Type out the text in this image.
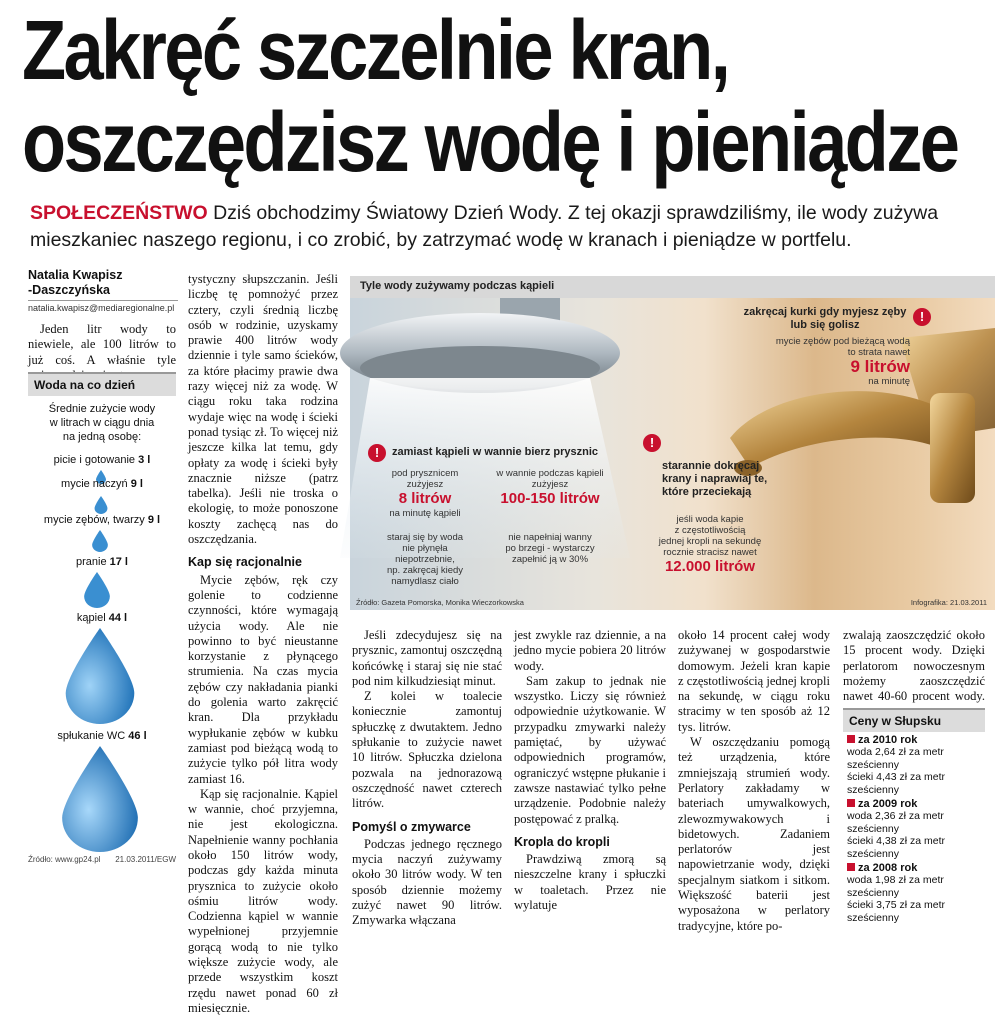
Zakręć szczelnie kran,
oszczędzisz wodę i pieniądze
SPOŁECZEŃSTWO Dziś obchodzimy Światowy Dzień Wody. Z tej okazji sprawdziliśmy, ile wody zużywa mieszkaniec naszego regionu, i co zrobić, by zatrzymać wodę w kranach i pieniądze w portfelu.
Natalia Kwapisz
-Daszczyńska
natalia.kwapisz@mediaregionalne.pl

Jeden litr wody to niewiele, ale 100 litrów to już coś. A właśnie tyle

Woda na co dzień
Średnie zużycie wody
w litrach w ciągu dnia
na jedną osobę:
picie i gotowanie 3 l
mycie naczyń 9 l
mycie zębów, twarzy 9 l
pranie 17 l
kąpiel 44 l
spłukanie WC 46 l
Źródło: www.gp24.pl 21.03.2011/EGW

tystyczny słupszczanin. Jeśli liczbę tę pomnożyć przez cztery, czyli średnią liczbę osób w rodzinie, uzyskamy prawie 400 litrów wody dziennie i tyle samo ścieków, za które płacimy prawie dwa razy więcej niż za wodę. W ciągu roku taka rodzina wydaje więc na wodę i ścieki ponad tysiąc zł. To więcej niż jeszcze kilka lat temu, gdy opłaty za wodę i ścieki były znacznie niższe (patrz tabelka). Jeśli nie troska o ekologię, to może ponoszone koszty zachęcą nas do oszczędzania.

Kap się racjonalnie

Mycie zębów, ręk czy golenie to codzienne czynności, które wymagają użycia wody. Ale nie powinno to być nieustanne korzystanie z płynącego strumienia. Na czas mycia zębów czy nakładania pianki do golenia warto zakręcić kran. Dla przykładu wypłukanie zębów w kubku zamiast pod bieżącą wodą to zużycie tylko pół litra wody zamiast 16.

Kąp się racjonalnie. Kąpiel w wannie, choć przyjemna, nie jest ekologiczna. Napełnienie wanny pochłania około 150 litrów wody, podczas gdy każda minuta prysznica to zużycie około ośmiu litrów wody. Codzienna kąpiel w wannie wypełnionej przyjemnie gorącą wodą to nie tylko większe zużycie wody, ale przede wszystkim koszt rzędu nawet ponad 60 zł miesięcznie.

Tyle wody zużywamy podczas kąpieli
!	zamiast kąpieli w wannie bierz prysznic
pod prysznicem
zużyjesz
8 litrów
na minutę kąpieli
w wannie podczas kąpieli
zużyjesz
100-150 litrów
staraj się by woda
nie płynęła
niepotrzebnie,
np. zakręcaj kiedy
namydlasz ciało
nie napełniaj wanny
po brzegi - wystarczy
zapełnić ją w 30%
!
zakręcaj kurki gdy myjesz zęby
lub się golisz
mycie zębów pod bieżącą wodą
to strata nawet
9 litrów
na minutę
!
starannie dokręcaj
krany i naprawiaj te,
które przeciekają
jeśli woda kapie
z częstotliwością
jednej kropli na sekundę
rocznie stracisz nawet
12.000 litrów
Źródło: Gazeta Pomorska, Monika Wieczorkowska	Infografika: 21.03.2011

Jeśli zdecydujesz się na prysznic, zamontuj oszczędną końcówkę i staraj się nie stać pod nim kilkudziesiąt minut.

Z kolei w toalecie koniecznie zamontuj spłuczkę z dwutaktem. Jedno spłukanie to zużycie nawet 10 litrów. Spłuczka dzielona pozwala na jednorazową oszczędność nawet czterech litrów.

Pomyśl o zmywarce

Podczas jednego ręcznego mycia naczyń zużywamy około 30 litrów wody. W ten sposób dziennie możemy zużyć nawet 90 litrów. Zmywarka włączana

jest zwykle raz dziennie, a na jedno mycie pobiera 20 litrów wody.

Sam zakup to jednak nie wszystko. Liczy się również odpowiednie użytkowanie. W przypadku zmywarki należy pamiętać, by używać odpowiednich programów, ograniczyć wstępne płukanie i zawsze nastawiać tylko pełne urządzenie. Podobnie należy postępować z pralką.

Kropla do kropli

Prawdziwą zmorą są nieszczelne krany i spłuczki w toaletach. Przez nie wylatuje

około 14 procent całej wody zużywanej w gospodarstwie domowym. Jeżeli kran kapie z częstotliwością jednej kropli na sekundę, w ciągu roku stracimy w ten sposób aż 12 tys. litrów.

W oszczędzaniu pomogą też urządzenia, które zmniejszają strumień wody. Perlatory zakładamy w bateriach umywalkowych, zlewozmywakowych i bidetowych. Zadaniem perlatorów jest napowietrzanie wody, dzięki specjalnym siatkom i sitkom. Większość baterii jest wyposażona w perlatory tradycyjne, które po-

zwalają zaoszczędzić około 15 procent wody. Dzięki perlatorom nowoczesnym możemy zaoszczędzić nawet 40-60 procent wody.

Ceny w Słupsku
za 2010 rok
woda 2,64 zł za metr sześcienny
ścieki 4,43 zł za metr sześcienny
za 2009 rok
woda 2,36 zł za metr sześcienny
ścieki 4,38 zł za metr sześcienny
za 2008 rok
woda 1,98 zł za metr sześcienny
ścieki 3,75 zł za metr sześcienny
